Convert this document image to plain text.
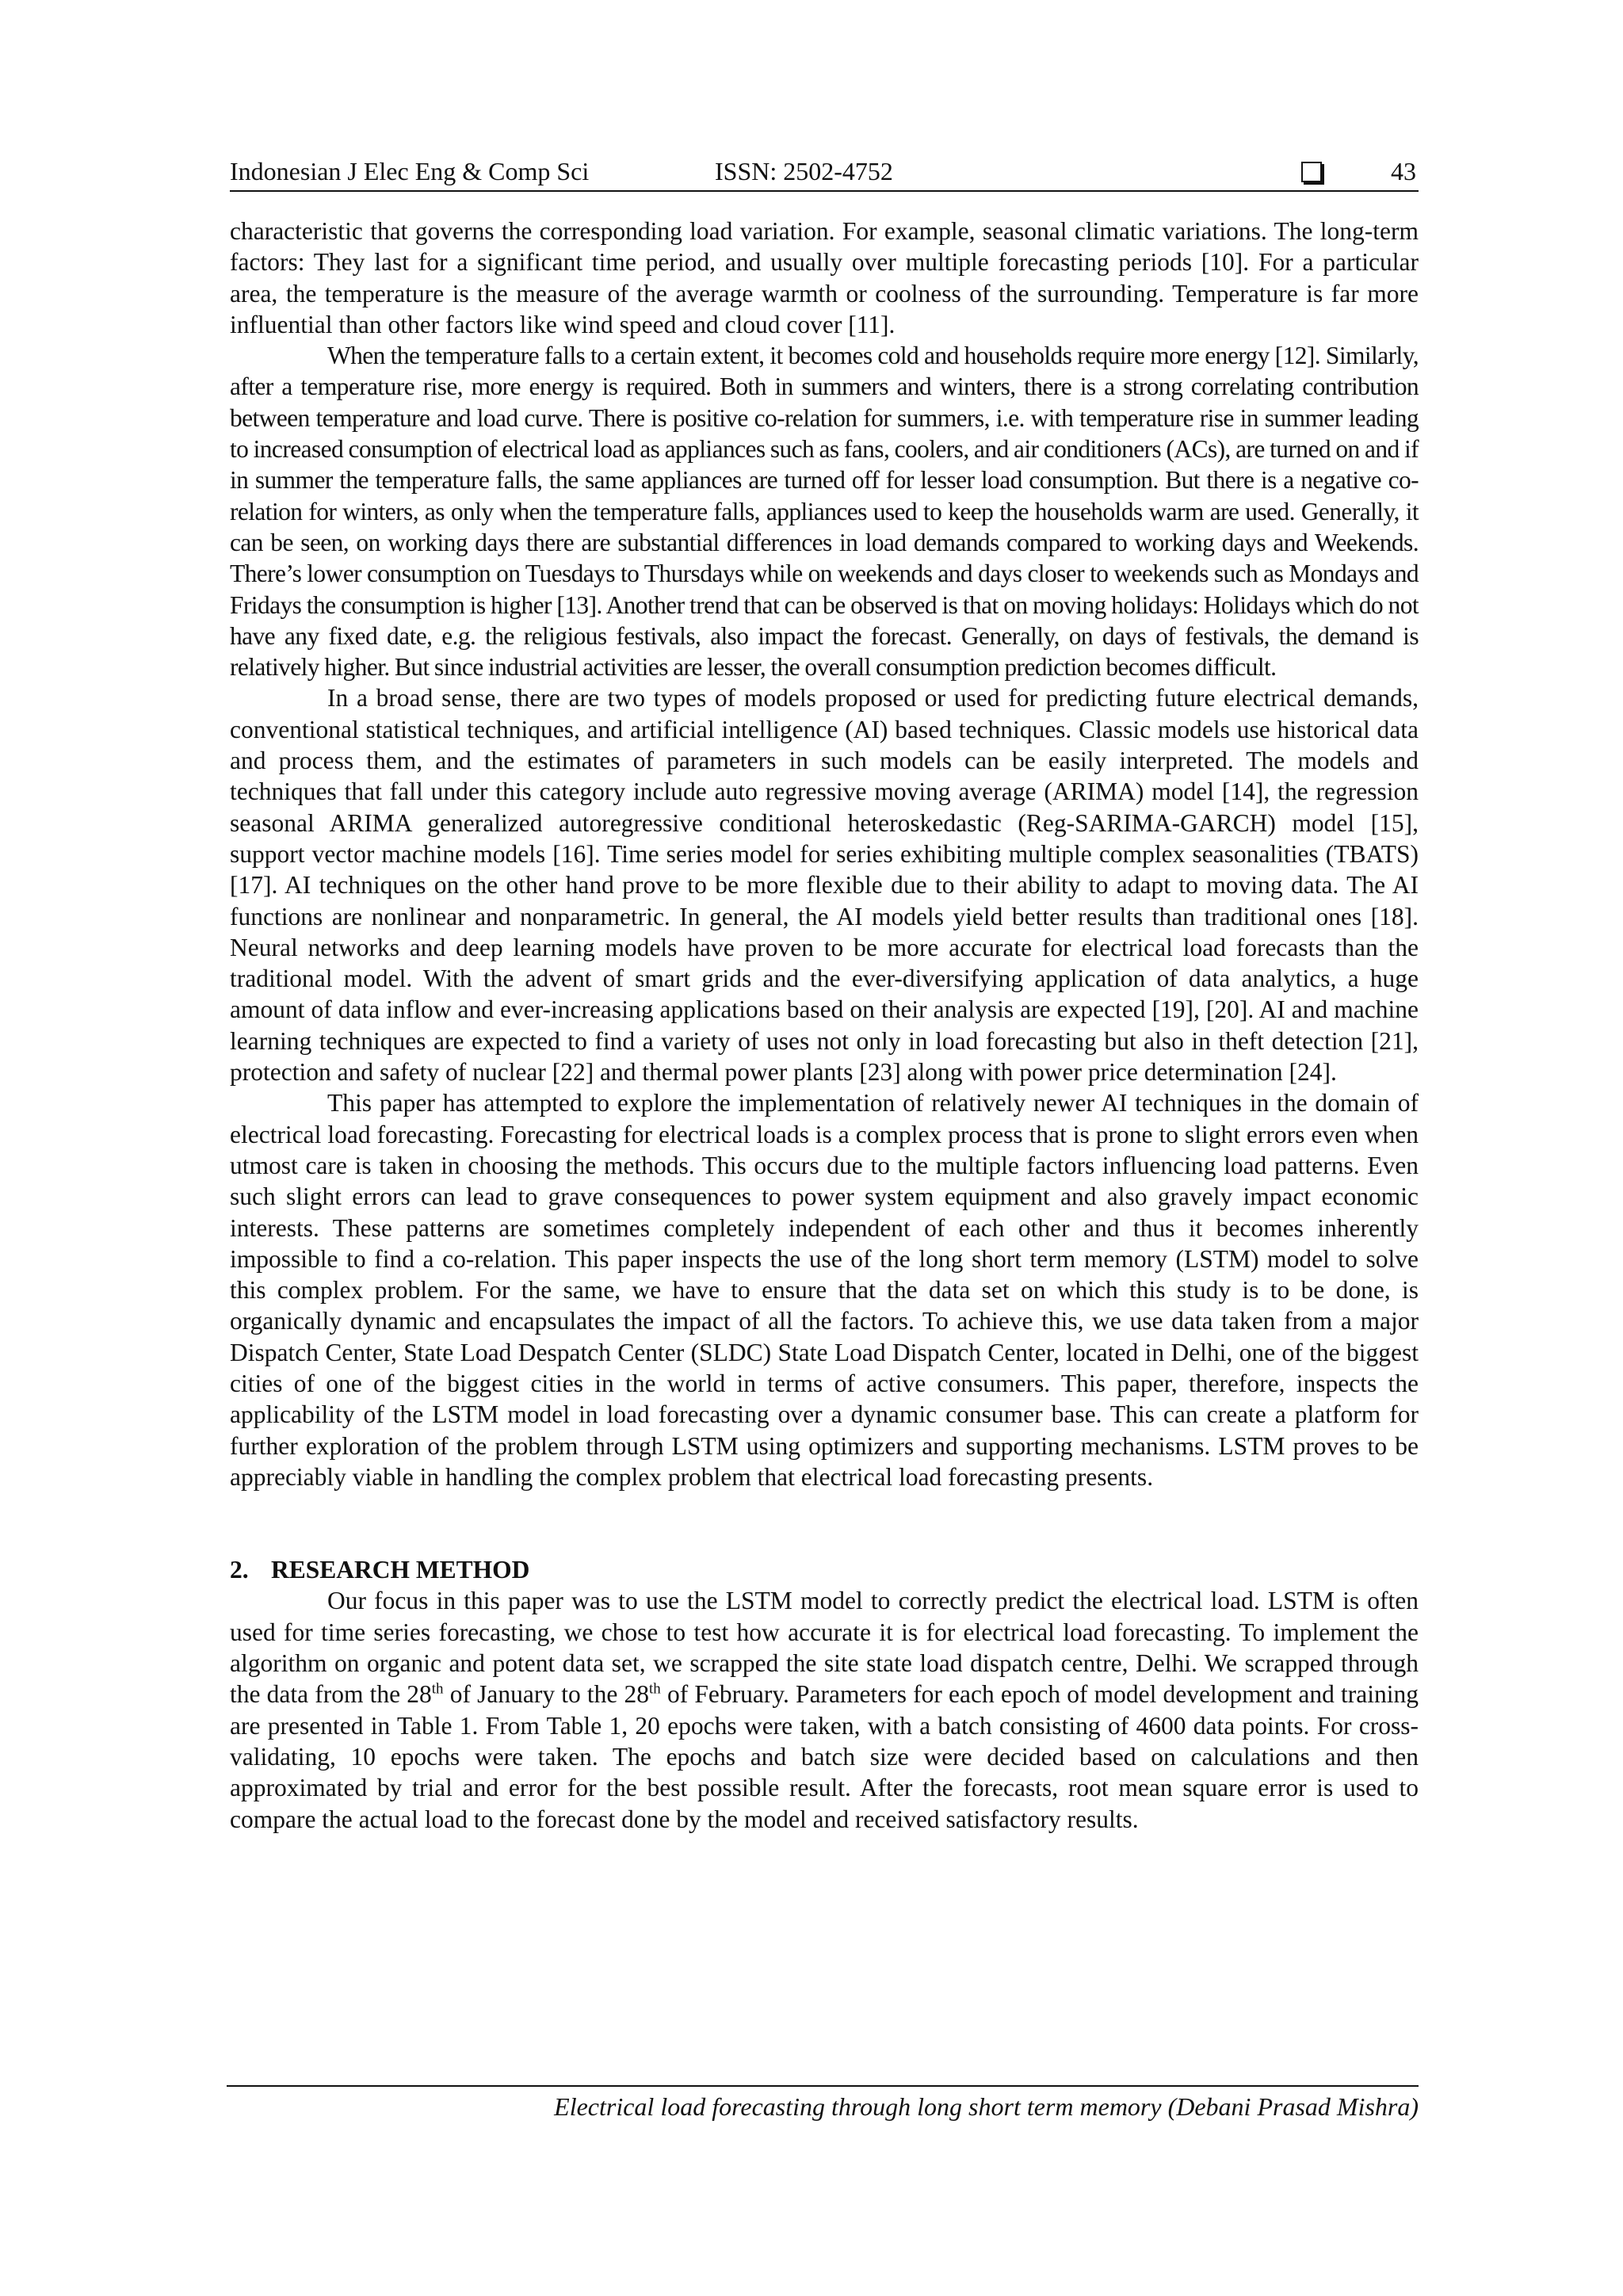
Indonesian J Elec Eng & Comp Sci	ISSN: 2502-4752	43

characteristic that governs the corresponding load variation. For example, seasonal climatic variations. The long-term factors: They last for a significant time period, and usually over multiple forecasting periods [10]. For a particular area, the temperature is the measure of the average warmth or coolness of the surrounding. Temperature is far more influential than other factors like wind speed and cloud cover [11].

When the temperature falls to a certain extent, it becomes cold and households require more energy [12]. Similarly, after a temperature rise, more energy is required. Both in summers and winters, there is a strong correlating contribution between temperature and load curve. There is positive co-relation for summers, i.e. with temperature rise in summer leading to increased consumption of electrical load as appliances such as fans, coolers, and air conditioners (ACs), are turned on and if in summer the temperature falls, the same appliances are turned off for lesser load consumption. But there is a negative co-relation for winters, as only when the temperature falls, appliances used to keep the households warm are used. Generally, it can be seen, on working days there are substantial differences in load demands compared to working days and Weekends. There’s lower consumption on Tuesdays to Thursdays while on weekends and days closer to weekends such as Mondays and Fridays the consumption is higher [13]. Another trend that can be observed is that on moving holidays: Holidays which do not have any fixed date, e.g. the religious festivals, also impact the forecast. Generally, on days of festivals, the demand is relatively higher. But since industrial activities are lesser, the overall consumption prediction becomes difficult.

In a broad sense, there are two types of models proposed or used for predicting future electrical demands, conventional statistical techniques, and artificial intelligence (AI) based techniques. Classic models use historical data and process them, and the estimates of parameters in such models can be easily interpreted. The models and techniques that fall under this category include auto regressive moving average (ARIMA) model [14], the regression seasonal ARIMA generalized autoregressive conditional heteroskedastic (Reg-SARIMA-GARCH) model [15], support vector machine models [16]. Time series model for series exhibiting multiple complex seasonalities (TBATS) [17]. AI techniques on the other hand prove to be more flexible due to their ability to adapt to moving data. The AI functions are nonlinear and nonparametric. In general, the AI models yield better results than traditional ones [18]. Neural networks and deep learning models have proven to be more accurate for electrical load forecasts than the traditional model. With the advent of smart grids and the ever-diversifying application of data analytics, a huge amount of data inflow and ever-increasing applications based on their analysis are expected [19], [20]. AI and machine learning techniques are expected to find a variety of uses not only in load forecasting but also in theft detection [21], protection and safety of nuclear [22] and thermal power plants [23] along with power price determination [24].

This paper has attempted to explore the implementation of relatively newer AI techniques in the domain of electrical load forecasting. Forecasting for electrical loads is a complex process that is prone to slight errors even when utmost care is taken in choosing the methods. This occurs due to the multiple factors influencing load patterns. Even such slight errors can lead to grave consequences to power system equipment and also gravely impact economic interests. These patterns are sometimes completely independent of each other and thus it becomes inherently impossible to find a co-relation. This paper inspects the use of the long short term memory (LSTM) model to solve this complex problem. For the same, we have to ensure that the data set on which this study is to be done, is organically dynamic and encapsulates the impact of all the factors. To achieve this, we use data taken from a major Dispatch Center, State Load Despatch Center (SLDC) State Load Dispatch Center, located in Delhi, one of the biggest cities of one of the biggest cities in the world in terms of active consumers. This paper, therefore, inspects the applicability of the LSTM model in load forecasting over a dynamic consumer base. This can create a platform for further exploration of the problem through LSTM using optimizers and supporting mechanisms. LSTM proves to be appreciably viable in handling the complex problem that electrical load forecasting presents.

2. RESEARCH METHOD

Our focus in this paper was to use the LSTM model to correctly predict the electrical load. LSTM is often used for time series forecasting, we chose to test how accurate it is for electrical load forecasting. To implement the algorithm on organic and potent data set, we scrapped the site state load dispatch centre, Delhi. We scrapped through the data from the 28th of January to the 28th of February. Parameters for each epoch of model development and training are presented in Table 1. From Table 1, 20 epochs were taken, with a batch consisting of 4600 data points. For cross-validating, 10 epochs were taken. The epochs and batch size were decided based on calculations and then approximated by trial and error for the best possible result. After the forecasts, root mean square error is used to compare the actual load to the forecast done by the model and received satisfactory results.

Electrical load forecasting through long short term memory (Debani Prasad Mishra)
